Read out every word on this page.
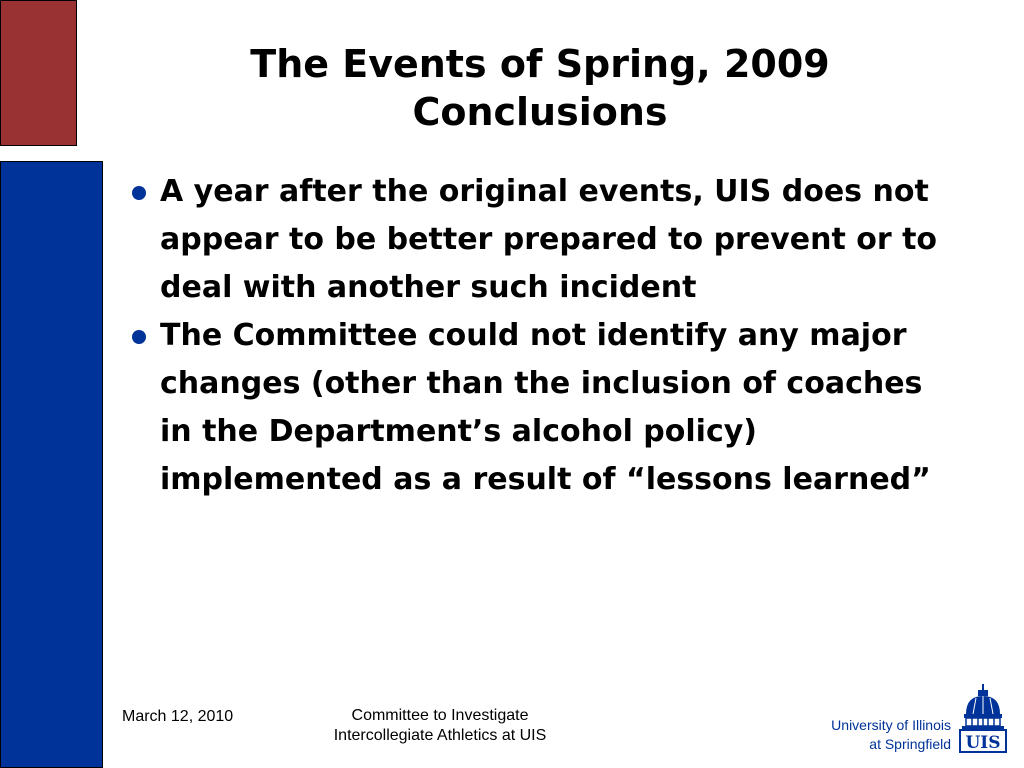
The Events of Spring, 2009
Conclusions
A year after the original events, UIS does not appear to be better prepared to prevent or to deal with another such incident
The Committee could not identify any major changes (other than the inclusion of coaches in the Department’s alcohol policy) implemented as a result of “lessons learned”
March 12, 2010	Committee to Investigate
Intercollegiate Athletics at UIS
University of Illinois
at Springfield UIS
